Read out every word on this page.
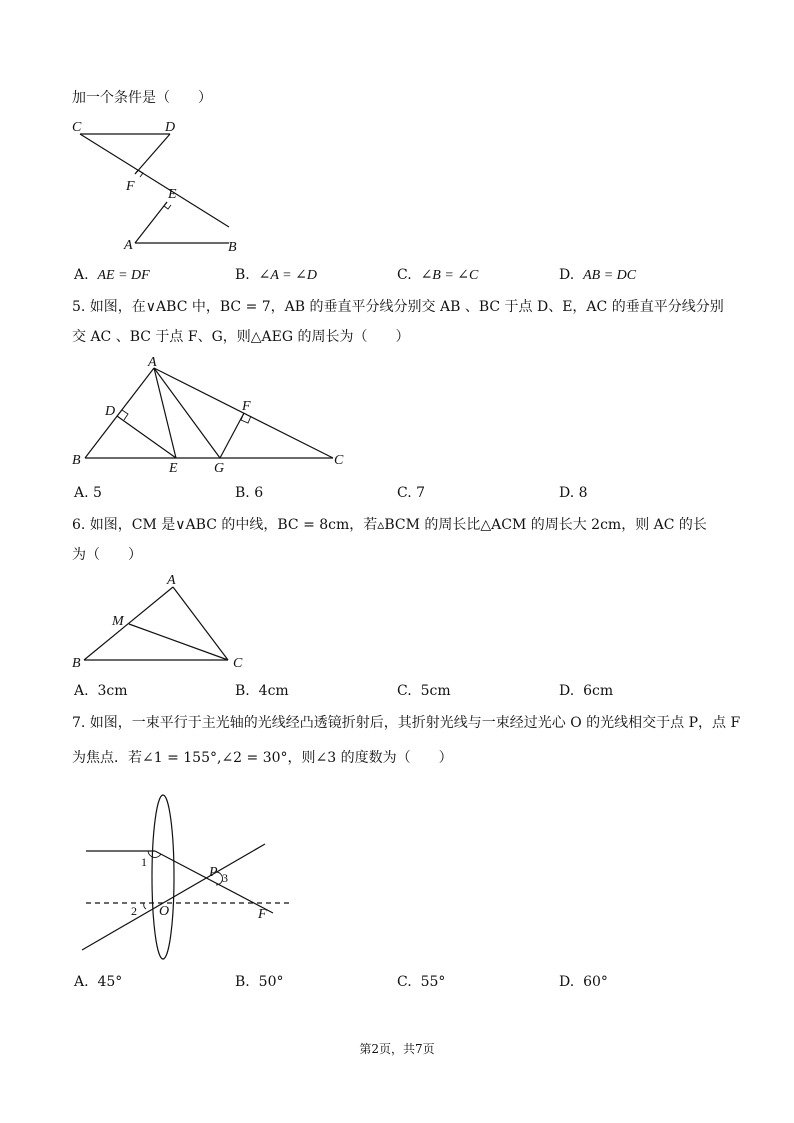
加一个条件是（　　）
C	D
F
E
A	B
A. AE = DF	B. ∠A = ∠D	C. ∠B = ∠C	D. AB = DC
5. 如图，在∨ABC 中，BC = 7，AB 的垂直平分线分别交 AB 、BC 于点 D、E，AC 的垂直平分线分别
交 AC 、BC 于点 F、G，则△AEG 的周长为（　　）
A
D	F
B
E	G
C
A. 5	B. 6	C. 7	D. 8
6. 如图，CM 是∨ABC 的中线，BC = 8cm，若▵BCM 的周长比△ACM 的周长大 2cm，则 AC 的长
为（　　）
A
M
B	C
A. 3cm	B. 4cm	C. 5cm	D. 6cm
7. 如图，一束平行于主光轴的光线经凸透镜折射后，其折射光线与一束经过光心 O 的光线相交于点 P，点 F
为焦点．若∠1 = 155°,∠2 = 30°，则∠3 的度数为（　　）
1
2
3
P
O	F
A. 45°	B. 50°	C. 55°	D. 60°
第2页，共7页
